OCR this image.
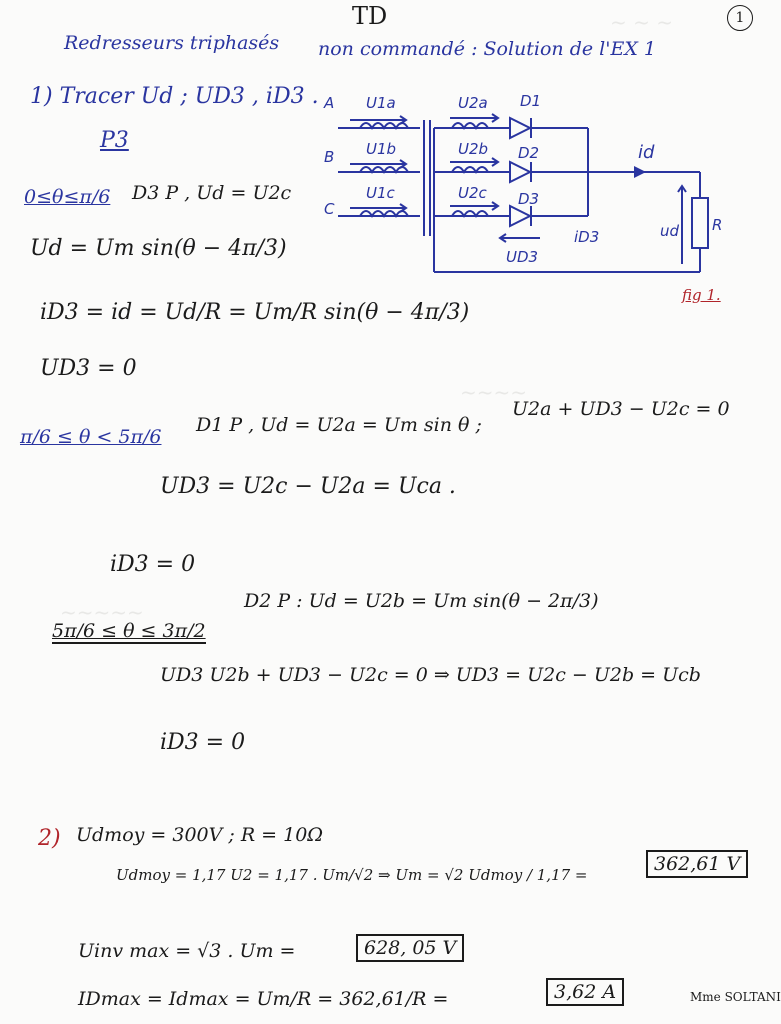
~ ~ ~
~~~~
~~~~~
TD	1
Redresseurs triphasés non commandé : Solution de l'EX 1
1) Tracer Ud ; UD3 , iD3 .
P3
0≤θ≤π/6 D3 P , Ud = U2c
Ud = Um sin(θ − 4π/3)
iD3 = id = Ud/R = Um/R sin(θ − 4π/3)
UD3 = 0
π/6 ≤ θ < 5π/6
D1 P , Ud = U2a = Um sin θ ;
U2a + UD3 − U2c = 0
UD3 = U2c − U2a = Uca .
iD3 = 0
5π/6 ≤ θ ≤ 3π/2
D2 P : Ud = U2b = Um sin(θ − 2π/3)
UD3 U2b + UD3 − U2c = 0 ⇒ UD3 = U2c − U2b = Ucb
iD3 = 0
A
B
C
U1a
U1b
U1c
U2a
U2b
U2c
D1
D2
D3
id
iD3
UD3
ud R
fig 1.
2) Udmoy = 300V ; R = 10Ω
Udmoy = 1,17 U2 = 1,17 . Um/√2 ⇒ Um = √2 Udmoy / 1,17 =	362,61 V
Uinv max = √3 . Um =	628, 05 V
IDmax = Idmax = Um/R = 362,61/R =	3,62 A	Mme SOLTANI
